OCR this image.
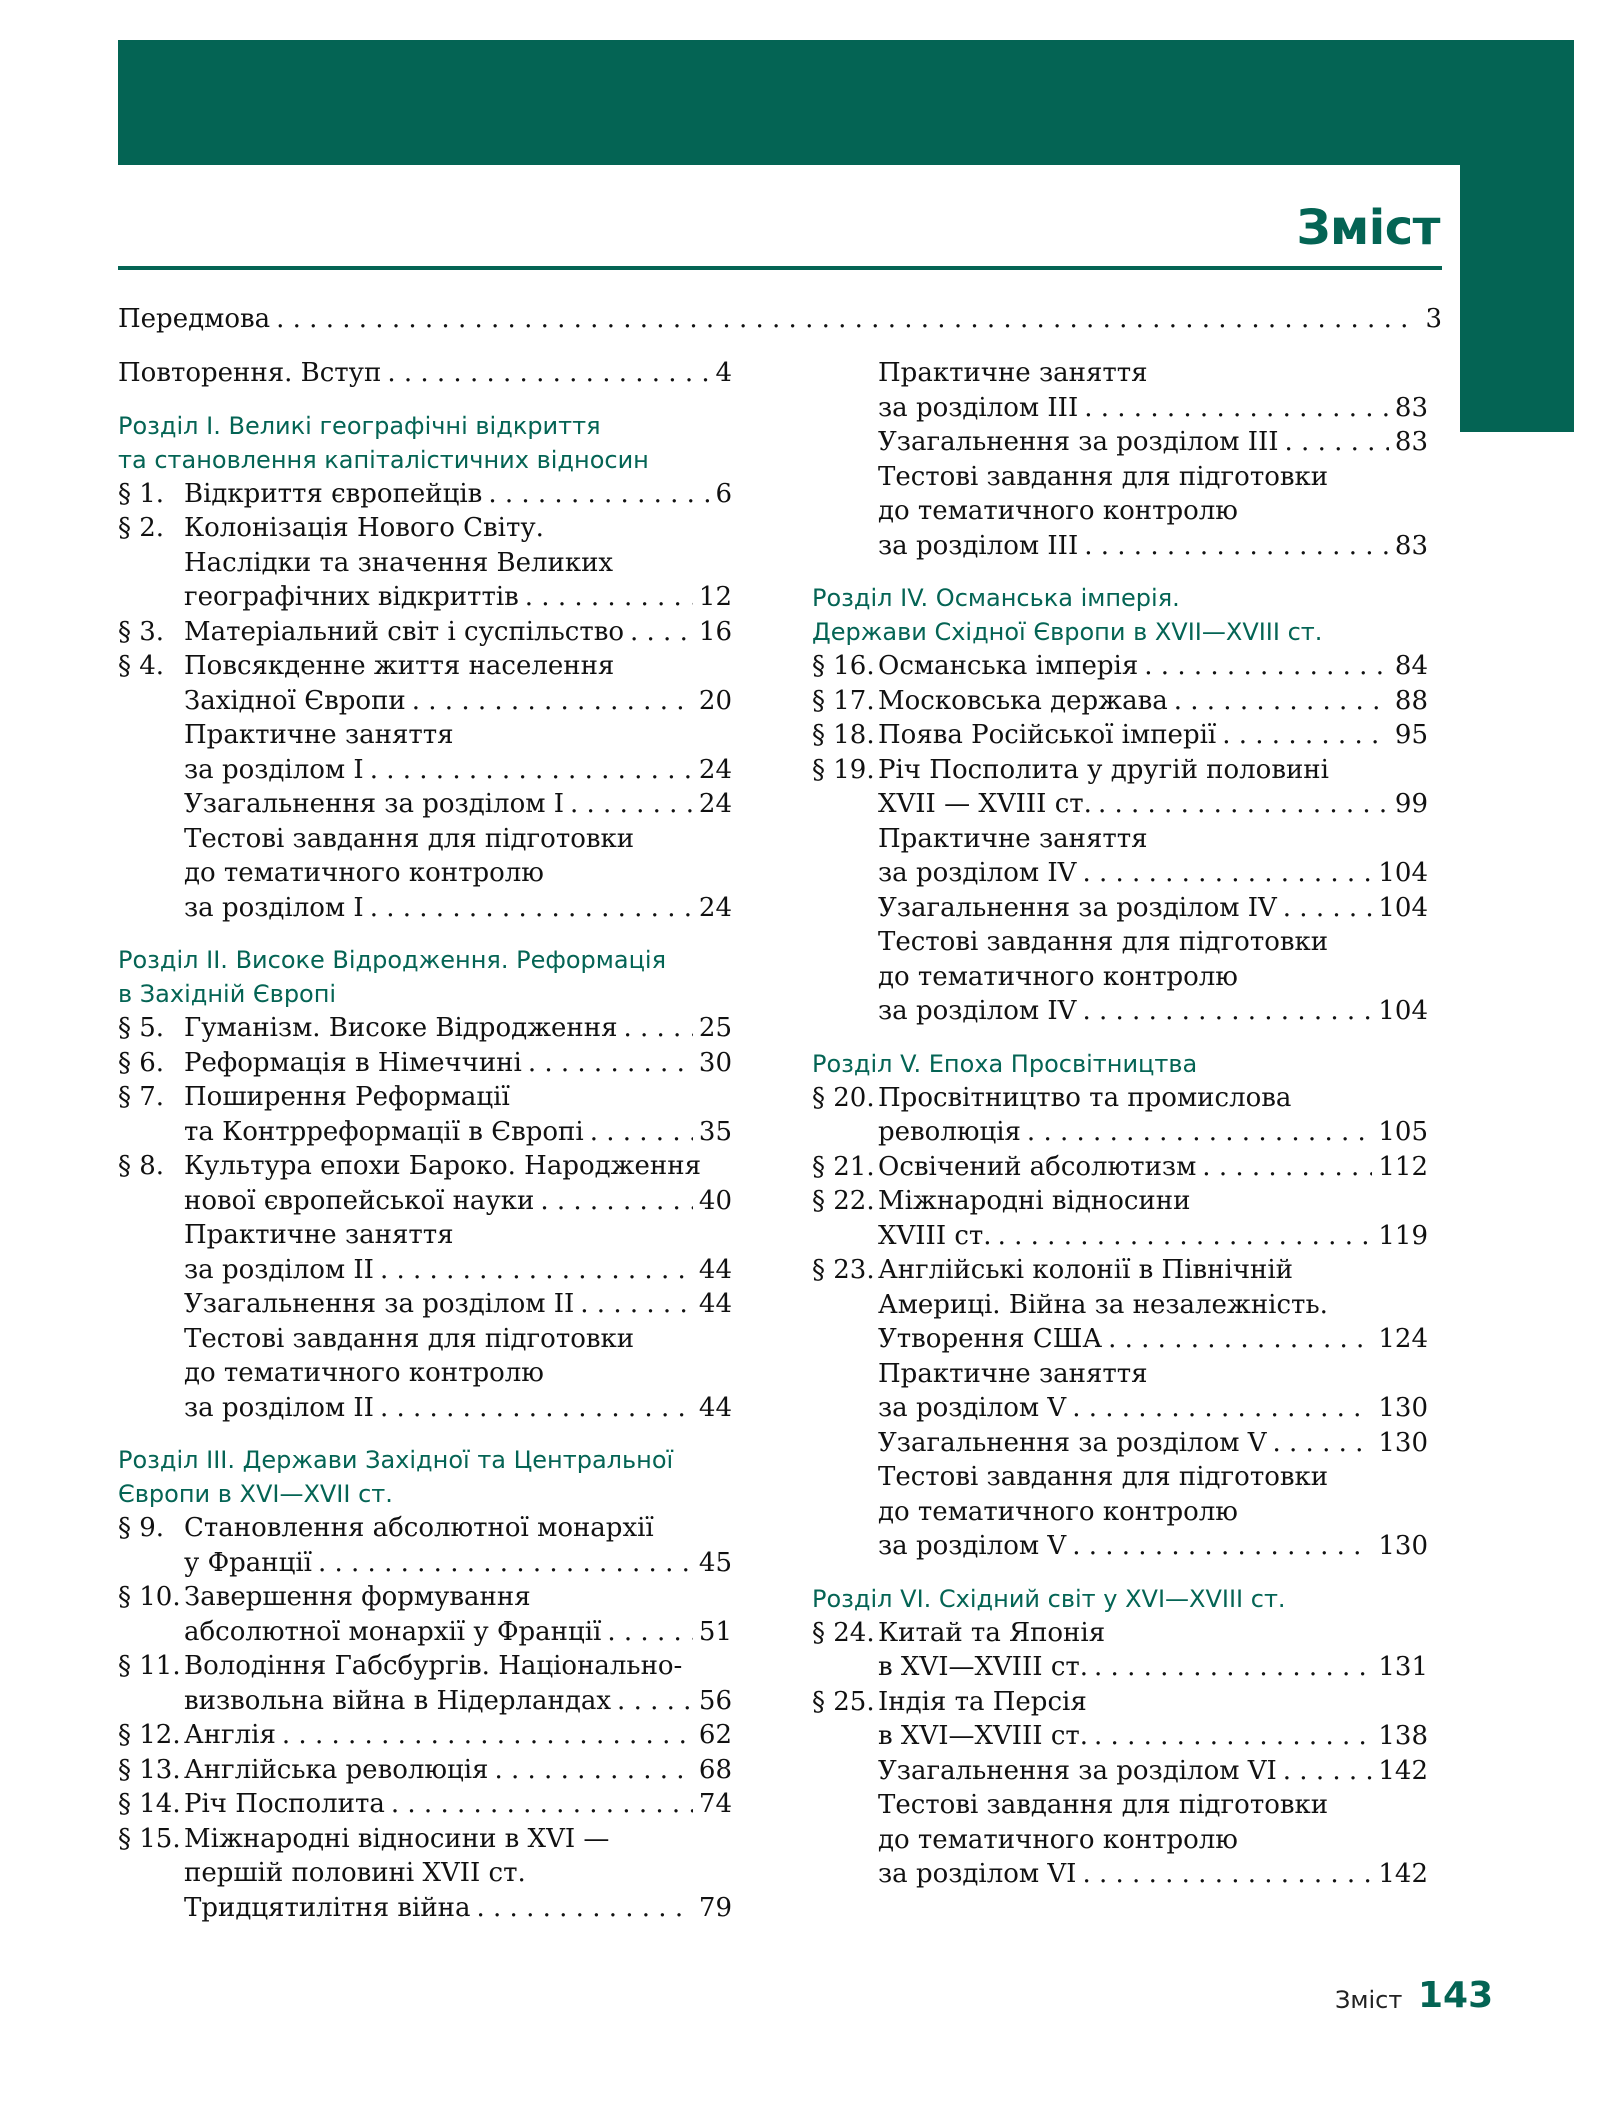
Зміст
Передмова . . .	3
Повторення. Вступ . . .	4
Розділ І. Великі географічні відкриття
та становлення капіталістичних відносин
§ 1. Відкриття європейців . . .	6
§ 2. Колонізація Нового Світу.
Наслідки та значення Великих
географічних відкриттів . . .	12
§ 3. Матеріальний світ і суспільство . . .	16
§ 4. Повсякденне життя населення
Західної Європи . . .	20
Практичне заняття
за розділом І . . .	24
Узагальнення за розділом І . . .	24
Тестові завдання для підготовки
до тематичного контролю
за розділом І . . .	24
Розділ ІІ. Високе Відродження. Реформація
в Західній Європі
§ 5. Гуманізм. Високе Відродження . . .	25
§ 6. Реформація в Німеччині . . .	30
§ 7. Поширення Реформації
та Контрреформації в Європі . . .	35
§ 8. Культура епохи Бароко. Народження
нової європейської науки . . .	40
Практичне заняття
за розділом ІІ . . .	44
Узагальнення за розділом ІІ . . .	44
Тестові завдання для підготовки
до тематичного контролю
за розділом ІІ . . .	44
Розділ ІІІ. Держави Західної та Центральної
Європи в XVI—XVII ст.
§ 9. Становлення абсолютної монархії
у Франції . . .	45
§ 10. Завершення формування
абсолютної монархії у Франції . . .	51
§ 11. Володіння Габсбургів. Національно-
визвольна війна в Нідерландах . . .	56
§ 12. Англія . . .	62
§ 13. Англійська революція . . .	68
§ 14. Річ Посполита . . .	74
§ 15. Міжнародні відносини в XVI —
першій половині XVII ст.
Тридцятилітня війна . . .	79
Практичне заняття
за розділом ІІІ . . .	83
Узагальнення за розділом ІІІ . . .	83
Тестові завдання для підготовки
до тематичного контролю
за розділом ІІІ . . .	83
Розділ IV. Османська імперія.
Держави Східної Європи в XVII—XVIII ст.
§ 16. Османська імперія . . .	84
§ 17. Московська держава . . .	88
§ 18. Поява Російської імперії . . .	95
§ 19. Річ Посполита у другій половині
XVII — XVIII ст. . . .	99
Практичне заняття
за розділом IV . . .	104
Узагальнення за розділом IV . . .	104
Тестові завдання для підготовки
до тематичного контролю
за розділом IV . . .	104
Розділ V. Епоха Просвітництва
§ 20. Просвітництво та промислова
революція . . .	105
§ 21. Освічений абсолютизм . . .	112
§ 22. Міжнародні відносини
XVIII ст. . . .	119
§ 23. Англійські колонії в Північній
Америці. Війна за незалежність.
Утворення США . . .	124
Практичне заняття
за розділом V . . .	130
Узагальнення за розділом V . . .	130
Тестові завдання для підготовки
до тематичного контролю
за розділом V . . .	130
Розділ VI. Східний світ у XVI—XVIII ст.
§ 24. Китай та Японія
в XVI—XVIII ст. . . .	131
§ 25. Індія та Персія
в XVI—XVIII ст. . . .	138
Узагальнення за розділом VI . . .	142
Тестові завдання для підготовки
до тематичного контролю
за розділом VI . . .	142
Зміст 143
